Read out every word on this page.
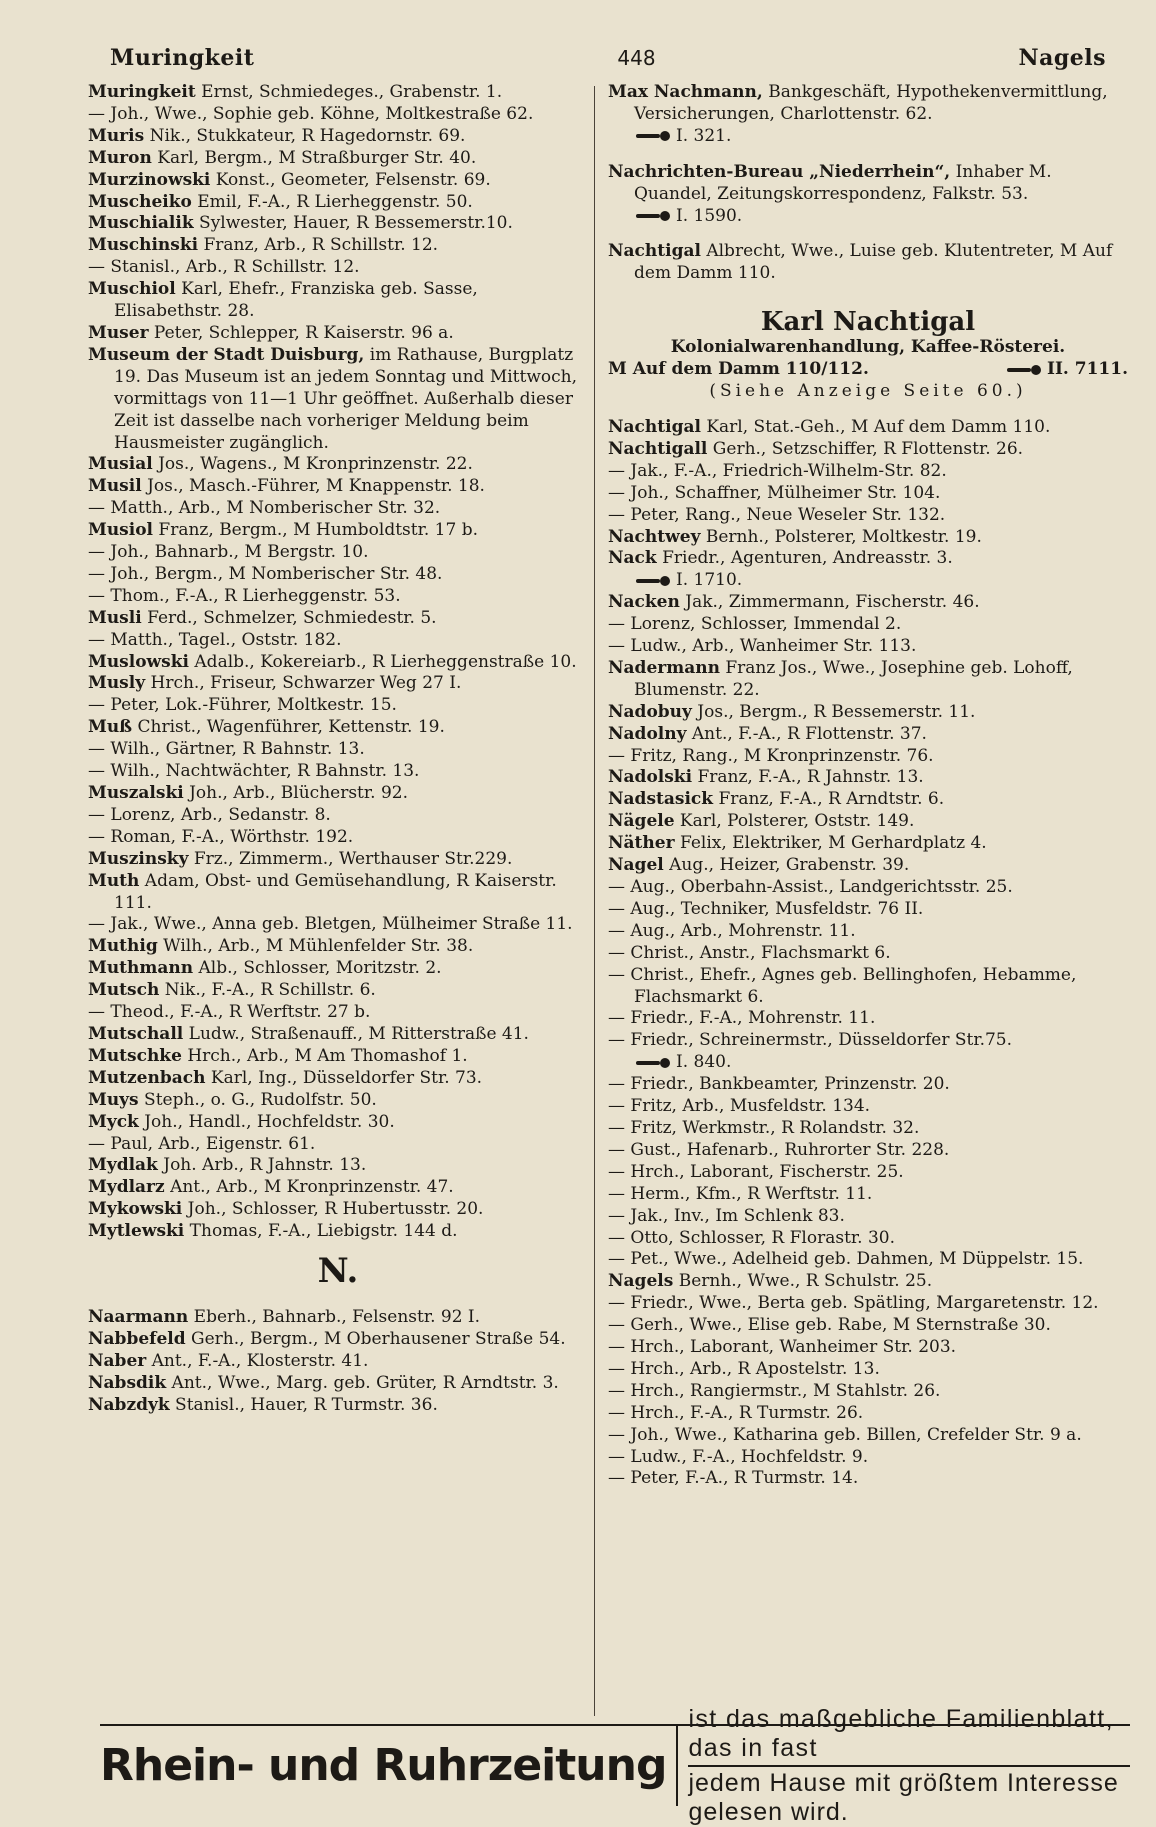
Muringkeit	448	Nagels
Muringkeit Ernst, Schmiedeges., Grabenstr. 1.
— Joh., Wwe., Sophie geb. Köhne, Moltkestraße 62.
Muris Nik., Stukkateur, R Hagedornstr. 69.
Muron Karl, Bergm., M Straßburger Str. 40.
Murzinowski Konst., Geometer, Felsenstr. 69.
Muscheiko Emil, F.-A., R Lierheggenstr. 50.
Muschialik Sylwester, Hauer, R Bessemerstr.10.
Muschinski Franz, Arb., R Schillstr. 12.
— Stanisl., Arb., R Schillstr. 12.
Muschiol Karl, Ehefr., Franziska geb. Sasse, Elisabethstr. 28.
Muser Peter, Schlepper, R Kaiserstr. 96 a.
Museum der Stadt Duisburg, im Rathause, Burgplatz 19. Das Museum ist an jedem Sonntag und Mittwoch, vormittags von 11—1 Uhr geöffnet. Außerhalb dieser Zeit ist dasselbe nach vorheriger Meldung beim Hausmeister zugänglich.
Musial Jos., Wagens., M Kronprinzenstr. 22.
Musil Jos., Masch.-Führer, M Knappenstr. 18.
— Matth., Arb., M Nomberischer Str. 32.
Musiol Franz, Bergm., M Humboldtstr. 17 b.
— Joh., Bahnarb., M Bergstr. 10.
— Joh., Bergm., M Nomberischer Str. 48.
— Thom., F.-A., R Lierheggenstr. 53.
Musli Ferd., Schmelzer, Schmiedestr. 5.
— Matth., Tagel., Oststr. 182.
Muslowski Adalb., Kokereiarb., R Lierheggenstraße 10.
Musly Hrch., Friseur, Schwarzer Weg 27 I.
— Peter, Lok.-Führer, Moltkestr. 15.
Muß Christ., Wagenführer, Kettenstr. 19.
— Wilh., Gärtner, R Bahnstr. 13.
— Wilh., Nachtwächter, R Bahnstr. 13.
Muszalski Joh., Arb., Blücherstr. 92.
— Lorenz, Arb., Sedanstr. 8.
— Roman, F.-A., Wörthstr. 192.
Muszinsky Frz., Zimmerm., Werthauser Str.229.
Muth Adam, Obst- und Gemüsehandlung, R Kaiserstr. 111.
— Jak., Wwe., Anna geb. Bletgen, Mülheimer Straße 11.
Muthig Wilh., Arb., M Mühlenfelder Str. 38.
Muthmann Alb., Schlosser, Moritzstr. 2.
Mutsch Nik., F.-A., R Schillstr. 6.
— Theod., F.-A., R Werftstr. 27 b.
Mutschall Ludw., Straßenauff., M Ritterstraße 41.
Mutschke Hrch., Arb., M Am Thomashof 1.
Mutzenbach Karl, Ing., Düsseldorfer Str. 73.
Muys Steph., o. G., Rudolfstr. 50.
Myck Joh., Handl., Hochfeldstr. 30.
— Paul, Arb., Eigenstr. 61.
Mydlak Joh. Arb., R Jahnstr. 13.
Mydlarz Ant., Arb., M Kronprinzenstr. 47.
Mykowski Joh., Schlosser, R Hubertusstr. 20.
Mytlewski Thomas, F.-A., Liebigstr. 144 d.
N.
Naarmann Eberh., Bahnarb., Felsenstr. 92 I.
Nabbefeld Gerh., Bergm., M Oberhausener Straße 54.
Naber Ant., F.-A., Klosterstr. 41.
Nabsdik Ant., Wwe., Marg. geb. Grüter, R Arndtstr. 3.
Nabzdyk Stanisl., Hauer, R Turmstr. 36.
Max Nachmann, Bankgeschäft, Hypothekenvermittlung, Versicherungen, Charlottenstr. 62.
I. 321.
Nachrichten-Bureau „Niederrhein“, Inhaber M. Quandel, Zeitungskorrespondenz, Falkstr. 53.
I. 1590.
Nachtigal Albrecht, Wwe., Luise geb. Klutentreter, M Auf dem Damm 110.
Karl Nachtigal
Kolonialwarenhandlung, Kaffee-Rösterei.
M Auf dem Damm 110/112.	II. 7111.
(Siehe Anzeige Seite 60.)
Nachtigal Karl, Stat.-Geh., M Auf dem Damm 110.
Nachtigall Gerh., Setzschiffer, R Flottenstr. 26.
— Jak., F.-A., Friedrich-Wilhelm-Str. 82.
— Joh., Schaffner, Mülheimer Str. 104.
— Peter, Rang., Neue Weseler Str. 132.
Nachtwey Bernh., Polsterer, Moltkestr. 19.
Nack Friedr., Agenturen, Andreasstr. 3.
I. 1710.
Nacken Jak., Zimmermann, Fischerstr. 46.
— Lorenz, Schlosser, Immendal 2.
— Ludw., Arb., Wanheimer Str. 113.
Nadermann Franz Jos., Wwe., Josephine geb. Lohoff, Blumenstr. 22.
Nadobuy Jos., Bergm., R Bessemerstr. 11.
Nadolny Ant., F.-A., R Flottenstr. 37.
— Fritz, Rang., M Kronprinzenstr. 76.
Nadolski Franz, F.-A., R Jahnstr. 13.
Nadstasick Franz, F.-A., R Arndtstr. 6.
Nägele Karl, Polsterer, Oststr. 149.
Näther Felix, Elektriker, M Gerhardplatz 4.
Nagel Aug., Heizer, Grabenstr. 39.
— Aug., Oberbahn-Assist., Landgerichtsstr. 25.
— Aug., Techniker, Musfeldstr. 76 II.
— Aug., Arb., Mohrenstr. 11.
— Christ., Anstr., Flachsmarkt 6.
— Christ., Ehefr., Agnes geb. Bellinghofen, Hebamme, Flachsmarkt 6.
— Friedr., F.-A., Mohrenstr. 11.
— Friedr., Schreinermstr., Düsseldorfer Str.75.
I. 840.
— Friedr., Bankbeamter, Prinzenstr. 20.
— Fritz, Arb., Musfeldstr. 134.
— Fritz, Werkmstr., R Rolandstr. 32.
— Gust., Hafenarb., Ruhrorter Str. 228.
— Hrch., Laborant, Fischerstr. 25.
— Herm., Kfm., R Werftstr. 11.
— Jak., Inv., Im Schlenk 83.
— Otto, Schlosser, R Florastr. 30.
— Pet., Wwe., Adelheid geb. Dahmen, M Düppelstr. 15.
Nagels Bernh., Wwe., R Schulstr. 25.
— Friedr., Wwe., Berta geb. Spätling, Margaretenstr. 12.
— Gerh., Wwe., Elise geb. Rabe, M Sternstraße 30.
— Hrch., Laborant, Wanheimer Str. 203.
— Hrch., Arb., R Apostelstr. 13.
— Hrch., Rangiermstr., M Stahlstr. 26.
— Hrch., F.-A., R Turmstr. 26.
— Joh., Wwe., Katharina geb. Billen, Crefelder Str. 9 a.
— Ludw., F.-A., Hochfeldstr. 9.
— Peter, F.-A., R Turmstr. 14.
Rhein- und Ruhrzeitung
ist das maßgebliche Familienblatt, das in fast
jedem Hause mit größtem Interesse gelesen wird.
